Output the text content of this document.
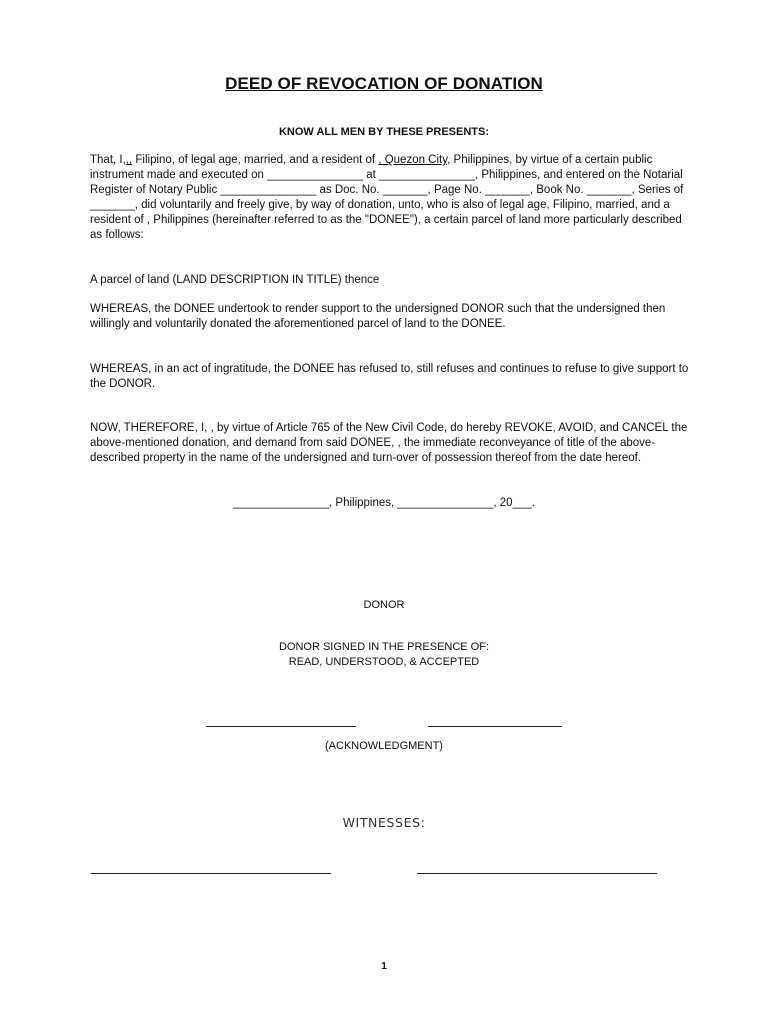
DEED OF REVOCATION OF DONATION
KNOW ALL MEN BY THESE PRESENTS:

That, I,,, Filipino, of legal age, married, and a resident of , Quezon City, Philippines, by virtue of a certain public instrument made and executed on _______________ at _______________, Philippines, and entered on the Notarial Register of Notary Public _______________ as Doc. No. _______, Page No. _______, Book No. _______, Series of _______, did voluntarily and freely give, by way of donation, unto, who is also of legal age, Filipino, married, and a resident of , Philippines (hereinafter referred to as the "DONEE"), a certain parcel of land more particularly described as follows:

A parcel of land (LAND DESCRIPTION IN TITLE) thence

WHEREAS, the DONEE undertook to render support to the undersigned DONOR such that the undersigned then willingly and voluntarily donated the aforementioned parcel of land to the DONEE.

WHEREAS, in an act of ingratitude, the DONEE has refused to, still refuses and continues to refuse to give support to the DONOR.

NOW, THEREFORE, I, , by virtue of Article 765 of the New Civil Code, do hereby REVOKE, AVOID, and CANCEL the above-mentioned donation, and demand from said DONEE, , the immediate reconveyance of title of the above-described property in the name of the undersigned and turn-over of possession thereof from the date hereof.

_______________, Philippines, _______________, 20___.
DONOR
DONOR SIGNED IN THE PRESENCE OF:
READ, UNDERSTOOD, & ACCEPTED
(ACKNOWLEDGMENT)
WITNESSES:
1
